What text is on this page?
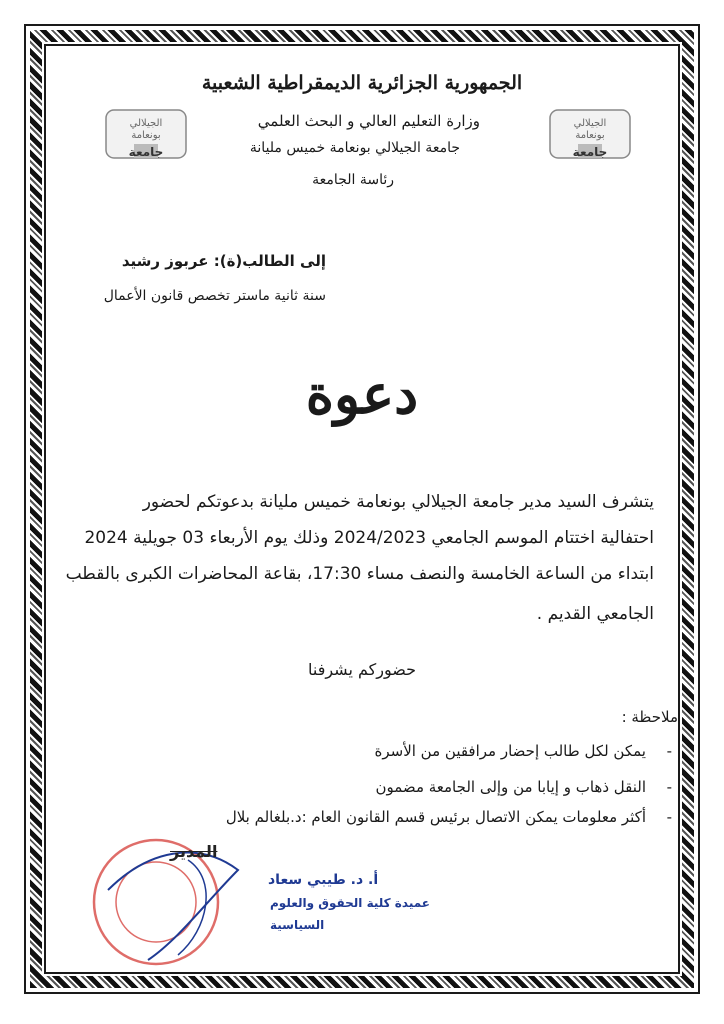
الجيلالي
بونعامة
جامعة
الجيلالي
بونعامة
جامعة
الجمهورية الجزائرية الديمقراطية الشعبية
وزارة التعليم العالي و البحث العلمي
جامعة الجيلالي بونعامة خميس مليانة
رئاسة الجامعة
إلى الطالب(ة): عربوز رشيد
سنة ثانية ماستر تخصص قانون الأعمال
دعوة
يتشرف السيد مدير جامعة الجيلالي بونعامة خميس مليانة بدعوتكم لحضور
احتفالية اختتام الموسم الجامعي 2024/2023 وذلك يوم الأربعاء 03 جويلية 2024
ابتداء من الساعة الخامسة والنصف مساء 17:30، بقاعة المحاضرات الكبرى بالقطب
الجامعي القديم .
حضوركم يشرفنا
ملاحظة :
- يمكن لكل طالب إحضار مرافقين من الأسرة
- النقل ذهاب و إيابا من وإلى الجامعة مضمون
- أكثر معلومات يمكن الاتصال برئيس قسم القانون العام :د.بلغالم بلال
المدير
أ. د. طيبي سعاد
عميدة كلية الحقوق والعلوم
السياسية
